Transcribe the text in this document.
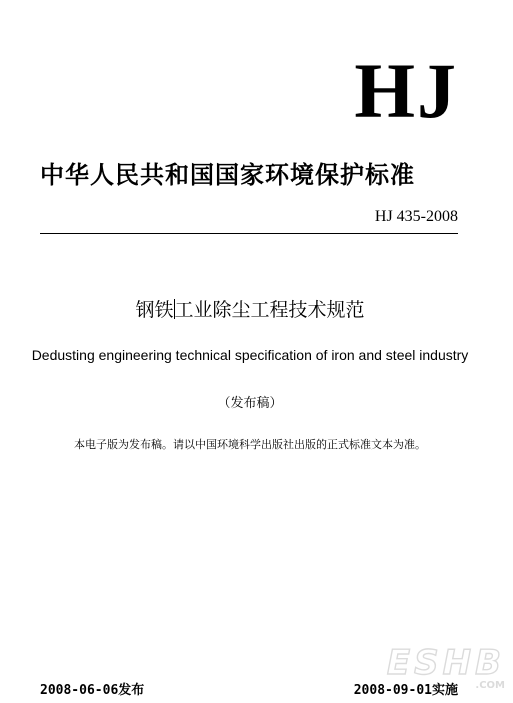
HJ
中华人民共和国国家环境保护标准
HJ 435-2008
钢铁工业除尘工程技术规范
Dedusting engineering technical specification of iron and steel industry
（发布稿）
本电子版为发布稿。请以中国环境科学出版社出版的正式标准文本为准。
ESHB
.COM
2008-06-06发布	2008-09-01实施
